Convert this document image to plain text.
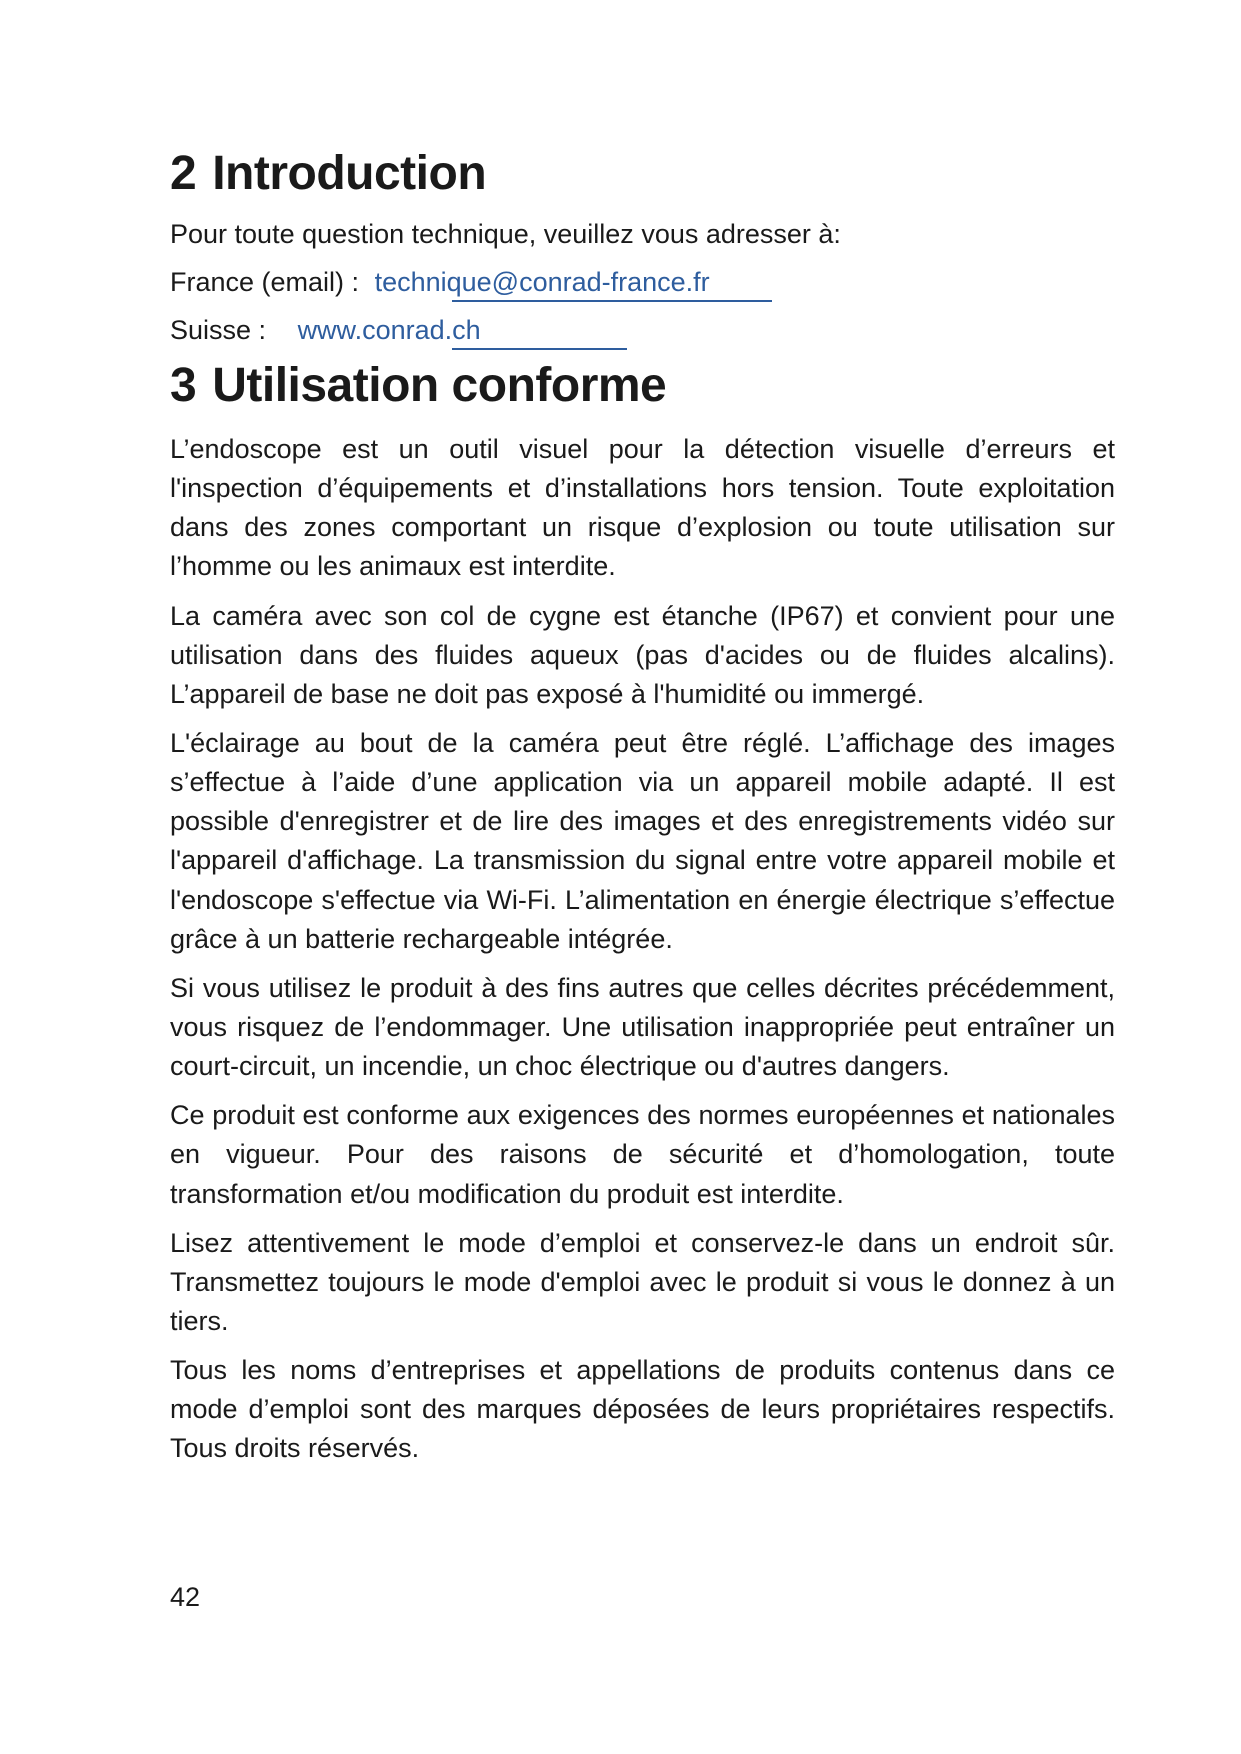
2 Introduction
Pour toute question technique, veuillez vous adresser à:
France (email) : technique@conrad-france.fr
Suisse : www.conrad.ch
3 Utilisation conforme

L’endoscope est un outil visuel pour la détection visuelle d’erreurs et l'inspection d’équipements et d’installations hors tension. Toute exploitation dans des zones comportant un risque d’explosion ou toute utilisation sur l’homme ou les animaux est interdite.

La caméra avec son col de cygne est étanche (IP67) et convient pour une utilisation dans des fluides aqueux (pas d'acides ou de fluides alcalins). L’appareil de base ne doit pas exposé à l'humidité ou immergé.

L'éclairage au bout de la caméra peut être réglé. L’affichage des images s’effectue à l’aide d’une application via un appareil mobile adapté. Il est possible d'enregistrer et de lire des images et des enregistrements vidéo sur l'appareil d'affichage. La transmission du signal entre votre appareil mobile et l'endoscope s'effectue via Wi-Fi. L’alimentation en énergie électrique s’effectue grâce à un batterie rechargeable intégrée.

Si vous utilisez le produit à des fins autres que celles décrites précédemment, vous risquez de l’endommager. Une utilisation inappropriée peut entraîner un court-circuit, un incendie, un choc électrique ou d'autres dangers.

Ce produit est conforme aux exigences des normes européennes et nationales en vigueur. Pour des raisons de sécurité et d’homologation, toute transformation et/ou modification du produit est interdite.

Lisez attentivement le mode d’emploi et conservez-le dans un endroit sûr. Transmettez toujours le mode d'emploi avec le produit si vous le donnez à un tiers.

Tous les noms d’entreprises et appellations de produits contenus dans ce mode d’emploi sont des marques déposées de leurs propriétaires respectifs. Tous droits réservés.

42
